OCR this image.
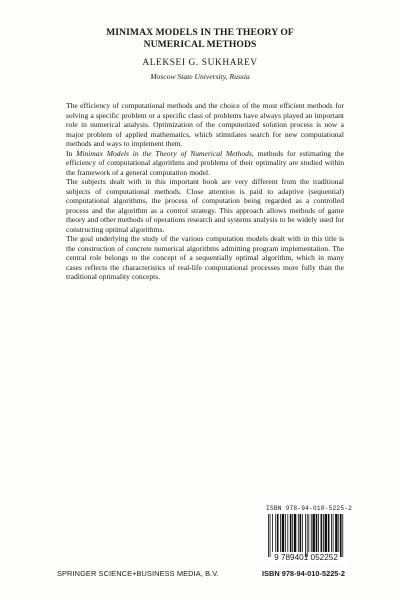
MINIMAX MODELS IN THE THEORY OF
NUMERICAL METHODS
ALEKSEI G. SUKHAREV
Moscow State University, Russia

The efficiency of computational methods and the choice of the most efficient methods for solving a specific problem or a specific class of problems have always played an important role in numerical analysis. Optimization of the computerized solution process is now a major problem of applied mathematics, which stimulates search for new computational methods and ways to implement them.

In Minimax Models in the Theory of Numerical Methods, methods for estimating the efficiency of computational algorithms and problems of their optimality are studied within the framework of a general computation model.

The subjects dealt with in this important book are very different from the traditional subjects of computational methods. Close attention is paid to adaptive (sequential) computational algorithms, the process of computation being regarded as a controlled process and the algorithm as a control strategy. This approach allows methods of game theory and other methods of operations research and systems analysis to be widely used for constructing optimal algorithms.

The goal underlying the study of the various computation models dealt with in this title is the construction of concrete numerical algorithms admitting program implementation. The central role belongs to the concept of a sequentially optimal algorithm, which in many cases reflects the characteristics of real-life computational processes more fully than the traditional optimality concepts.

ISBN 978-94-010-5225-2
9 789401 052252
SPRINGER SCIENCE+BUSINESS MEDIA, B.V.	ISBN 978-94-010-5225-2
